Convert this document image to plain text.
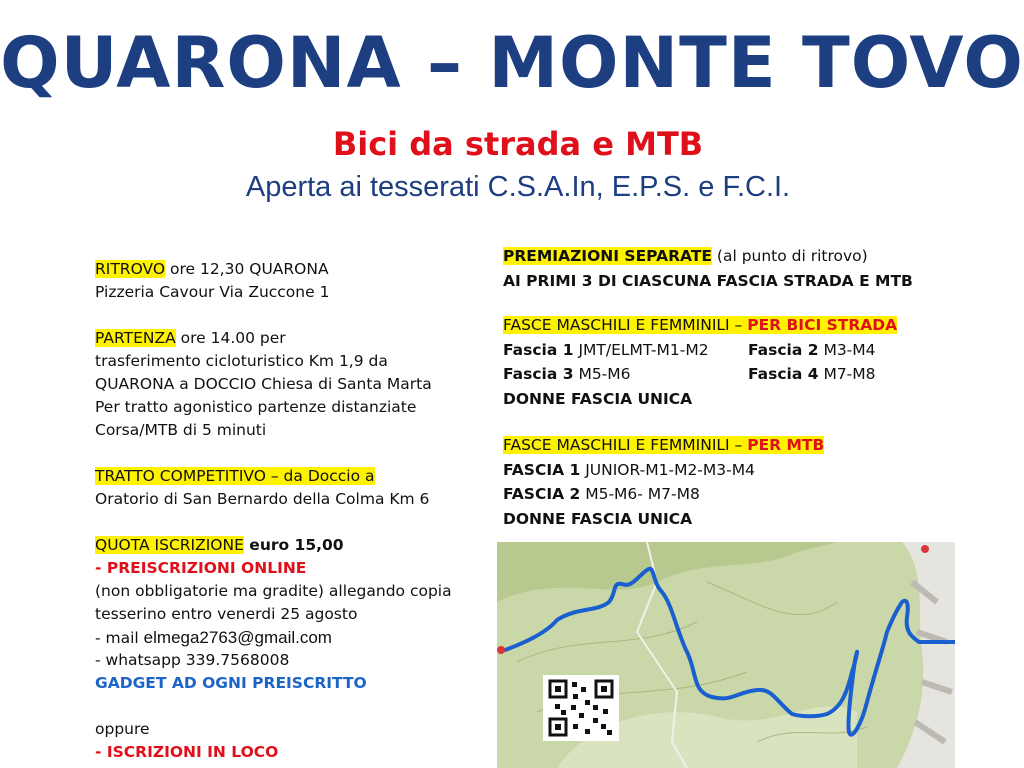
QUARONA – MONTE TOVO
Bici da strada e MTB
Aperta ai tesserati C.S.A.In, E.P.S. e F.C.I.
RITROVO ore 12,30 QUARONA
Pizzeria Cavour Via Zuccone 1
PARTENZA ore 14.00 per
trasferimento cicloturistico Km 1,9 da
QUARONA a DOCCIO Chiesa di Santa Marta
Per tratto agonistico partenze distanziate
Corsa/MTB di 5 minuti
TRATTO COMPETITIVO – da Doccio a
Oratorio di San Bernardo della Colma Km 6
QUOTA ISCRIZIONE euro 15,00
- PREISCRIZIONI ONLINE
(non obbligatorie ma gradite) allegando copia
tesserino entro venerdi 25 agosto
- mail elmega2763@gmail.com
- whatsapp 339.7568008
GADGET AD OGNI PREISCRITTO
oppure
- ISCRIZIONI IN LOCO
PREMIAZIONI SEPARATE (al punto di ritrovo)
AI PRIMI 3 DI CIASCUNA FASCIA STRADA E MTB
FASCE MASCHILI E FEMMINILI – PER BICI STRADA
Fascia 1 JMT/ELMT-M1-M2	Fascia 2 M3-M4
Fascia 3 M5-M6	Fascia 4 M7-M8
DONNE FASCIA UNICA
FASCE MASCHILI E FEMMINILI – PER MTB
FASCIA 1 JUNIOR-M1-M2-M3-M4
FASCIA 2 M5-M6- M7-M8
DONNE FASCIA UNICA
